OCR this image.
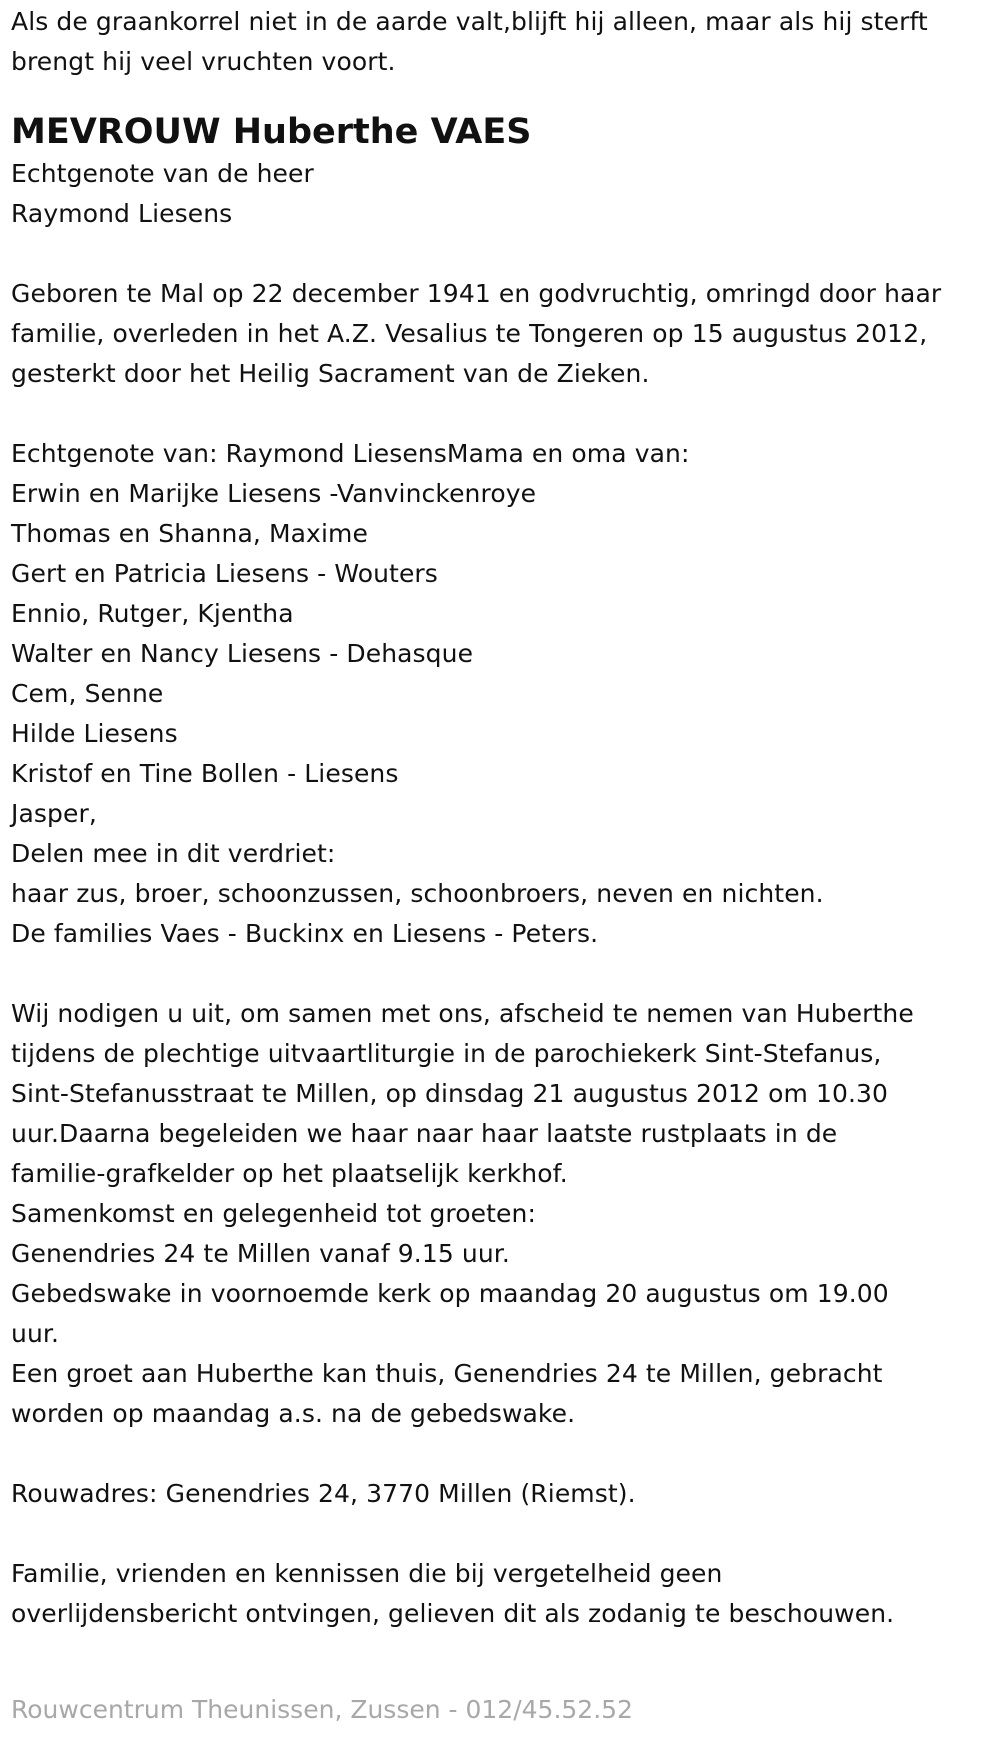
Als de graankorrel niet in de aarde valt,blijft hij alleen, maar als hij sterft
brengt hij veel vruchten voort.
MEVROUW Huberthe VAES
Echtgenote van de heer
Raymond Liesens
Geboren te Mal op 22 december 1941 en godvruchtig, omringd door haar
familie, overleden in het A.Z. Vesalius te Tongeren op 15 augustus 2012,
gesterkt door het Heilig Sacrament van de Zieken.
Echtgenote van: Raymond LiesensMama en oma van:
Erwin en Marijke Liesens -Vanvinckenroye
Thomas en Shanna, Maxime
Gert en Patricia Liesens - Wouters
Ennio, Rutger, Kjentha
Walter en Nancy Liesens - Dehasque
Cem, Senne
Hilde Liesens
Kristof en Tine Bollen - Liesens
Jasper,
Delen mee in dit verdriet:
haar zus, broer, schoonzussen, schoonbroers, neven en nichten.
De families Vaes - Buckinx en Liesens - Peters.
Wij nodigen u uit, om samen met ons, afscheid te nemen van Huberthe
tijdens de plechtige uitvaartliturgie in de parochiekerk Sint-Stefanus,
Sint-Stefanusstraat te Millen, op dinsdag 21 augustus 2012 om 10.30
uur.Daarna begeleiden we haar naar haar laatste rustplaats in de
familie-grafkelder op het plaatselijk kerkhof.
Samenkomst en gelegenheid tot groeten:
Genendries 24 te Millen vanaf 9.15 uur.
Gebedswake in voornoemde kerk op maandag 20 augustus om 19.00
uur.
Een groet aan Huberthe kan thuis, Genendries 24 te Millen, gebracht
worden op maandag a.s. na de gebedswake.
Rouwadres: Genendries 24, 3770 Millen (Riemst).
Familie, vrienden en kennissen die bij vergetelheid geen
overlijdensbericht ontvingen, gelieven dit als zodanig te beschouwen.
Rouwcentrum Theunissen, Zussen - 012/45.52.52
